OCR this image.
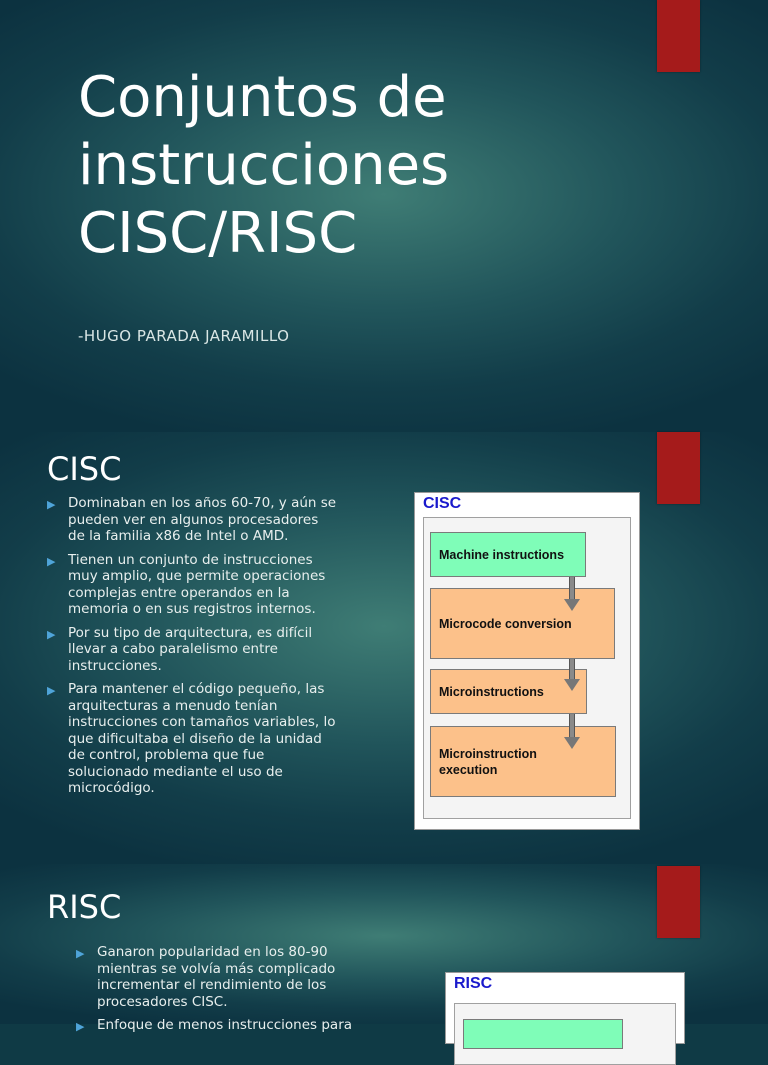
Conjuntos de
instrucciones
CISC/RISC
-HUGO PARADA JARAMILLO
CISC
▶ Dominaban en los años 60-70, y aún se pueden ver en algunos procesadores de la familia x86 de Intel o AMD.
▶ Tienen un conjunto de instrucciones muy amplio, que permite operaciones complejas entre operandos en la memoria o en sus registros internos.
▶ Por su tipo de arquitectura, es difícil llevar a cabo paralelismo entre instrucciones.
▶ Para mantener el código pequeño, las arquitecturas a menudo tenían instrucciones con tamaños variables, lo que dificultaba el diseño de la unidad de control, problema que fue solucionado mediante el uso de microcódigo.
CISC
Machine instructions
Microcode conversion
Microinstructions
Microinstruction
execution
RISC
▶ Ganaron popularidad en los 80-90 mientras se volvía más complicado incrementar el rendimiento de los procesadores CISC.
▶ Enfoque de menos instrucciones para
RISC
